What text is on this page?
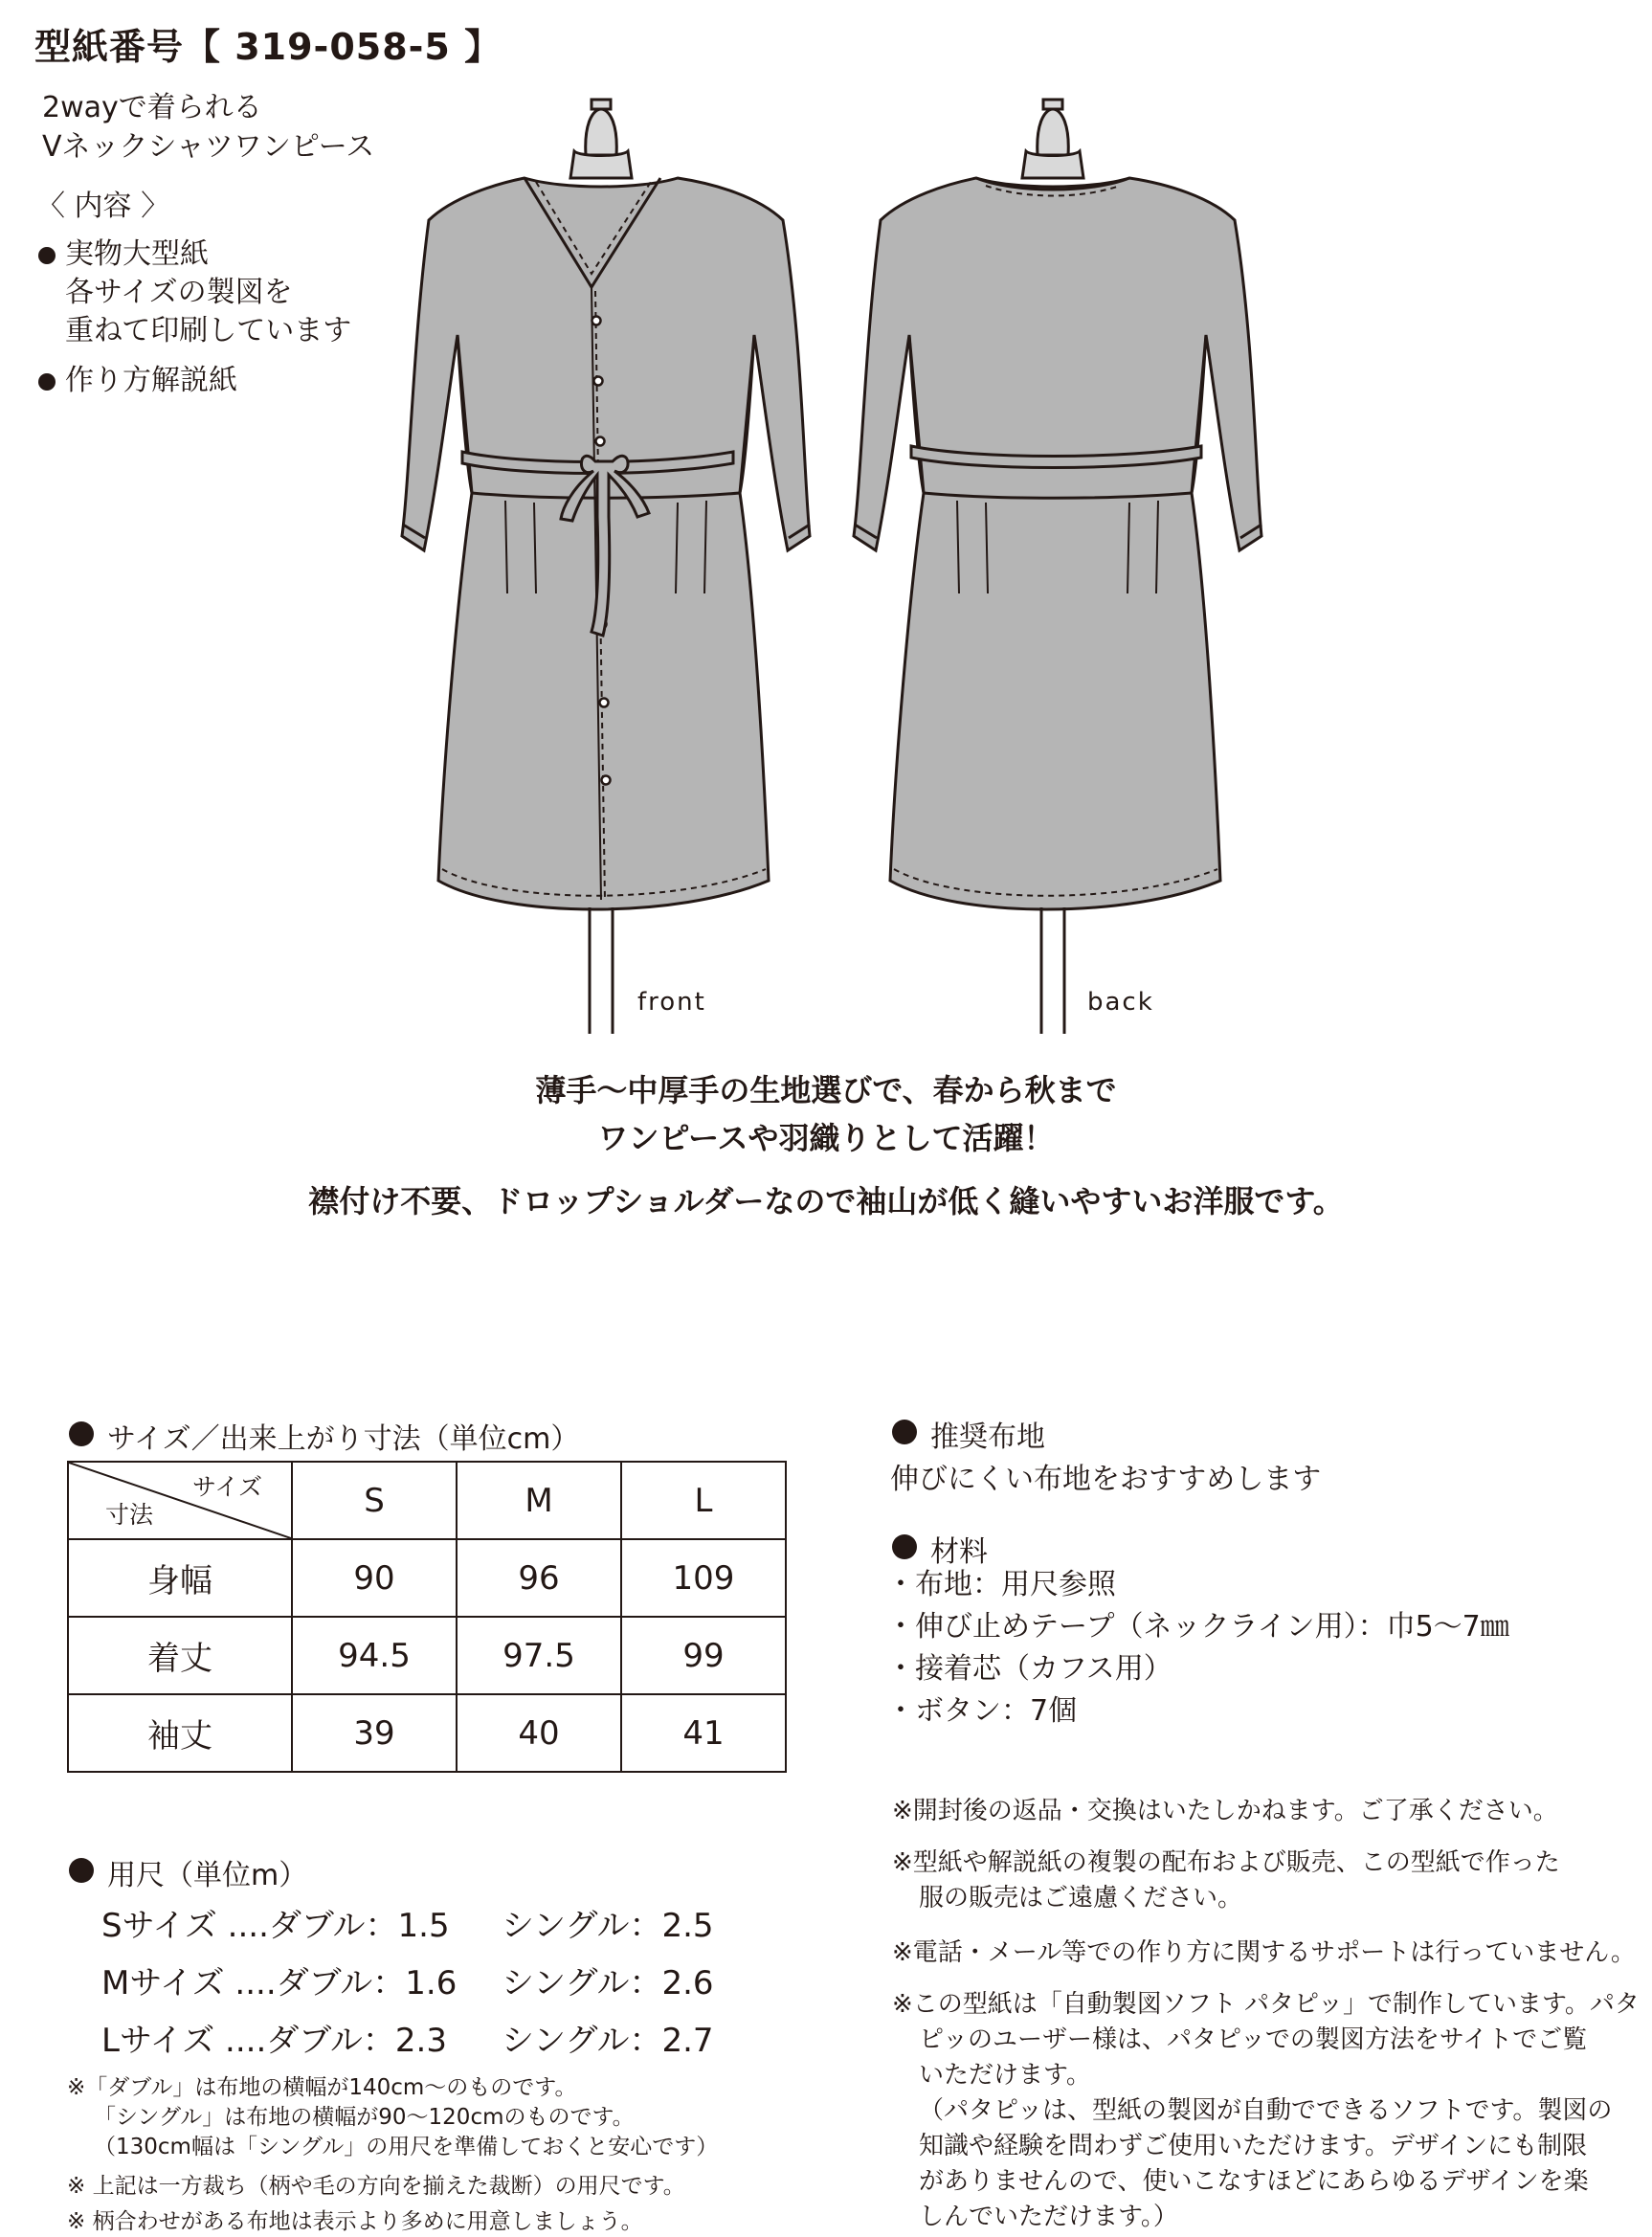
型紙番号【 319-058-5 】
2wayで着られる
Vネックシャツワンピース
〈 内容 〉
実物大型紙
各サイズの製図を
重ねて印刷しています
作り方解説紙
front	back
薄手～中厚手の生地選びで、春から秋まで
ワンピースや羽織りとして活躍！
襟付け不要、ドロップショルダーなので袖山が低く縫いやすいお洋服です。
サイズ／出来上がり寸法（単位cm）
サイズ
寸法	S	M	L
身幅	90	96	109
着丈	94.5	97.5	99
袖丈	39	40	41
用尺（単位m）
Sサイズ ....ダブル：1.5 シングル：2.5
Mサイズ ....ダブル：1.6 シングル：2.6
Lサイズ ....ダブル：2.3 シングル：2.7
※「ダブル」は布地の横幅が140cm～のものです。
「シングル」は布地の横幅が90～120cmのものです。
（130cm幅は「シングル」の用尺を準備しておくと安心です）
※ 上記は一方裁ち（柄や毛の方向を揃えた裁断）の用尺です。
※ 柄合わせがある布地は表示より多めに用意しましょう。
推奨布地
伸びにくい布地をおすすめします
材料
・布地：用尺参照
・伸び止めテープ（ネックライン用）：巾5～7㎜
・接着芯（カフス用）
・ボタン：7個
※開封後の返品・交換はいたしかねます。ご了承ください。
※型紙や解説紙の複製の配布および販売、この型紙で作った
服の販売はご遠慮ください。
※電話・メール等での作り方に関するサポートは行っていません。
※この型紙は「自動製図ソフト パタピッ」で制作しています。パタ
ピッのユーザー様は、パタピッでの製図方法をサイトでご覧
いただけます。
（パタピッは、型紙の製図が自動でできるソフトです。製図の
知識や経験を問わずご使用いただけます。デザインにも制限
がありませんので、使いこなすほどにあらゆるデザインを楽
しんでいただけます。）
